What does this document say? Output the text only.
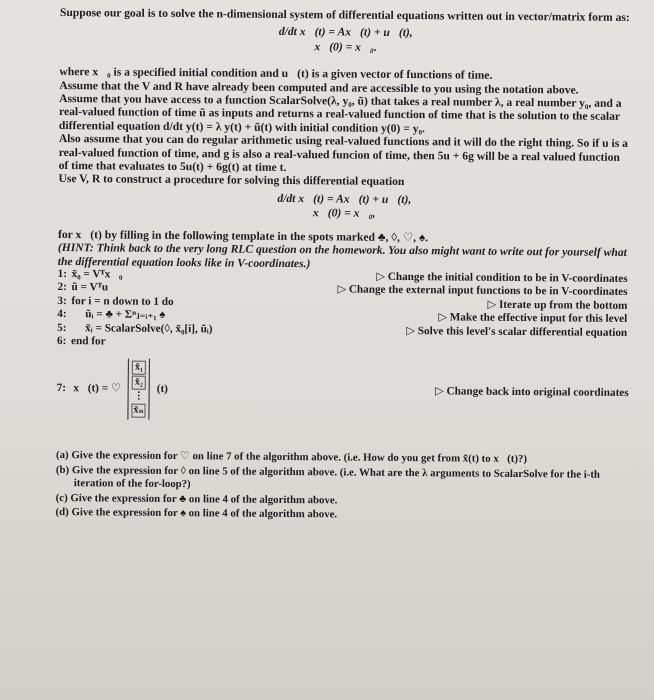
Suppose our goal is to solve the n-dimensional system of differential equations written out in vector/matrix form as:

d/dt x⃗(t) = Ax⃗(t) + u⃗(t),
x⃗(0) = x⃗₀.

where x⃗₀ is a specified initial condition and u⃗(t) is a given vector of functions of time.

Assume that the V and R have already been computed and are accessible to you using the notation above.

Assume that you have access to a function ScalarSolve(λ, y₀, ũ) that takes a real number λ, a real number y₀, and a real-valued function of time ũ as inputs and returns a real-valued function of time that is the solution to the scalar differential equation d/dt y(t) = λ y(t) + ũ(t) with initial condition y(0) = y₀.

Also assume that you can do regular arithmetic using real-valued functions and it will do the right thing. So if u is a real-valued function of time, and g is also a real-valued funcion of time, then 5u + 6g will be a real valued function of time that evaluates to 5u(t) + 6g(t) at time t.

Use V, R to construct a procedure for solving this differential equation

d/dt x⃗(t) = Ax⃗(t) + u⃗(t),
x⃗(0) = x⃗₀,

for x⃗(t) by filling in the following template in the spots marked ♣, ◊, ♡, ♠.

(HINT: Think back to the very long RLC question on the homework. You also might want to write out for yourself what the differential equation looks like in V-coordinates.)

1: x̃₀ = Vᵀx⃗₀	▷ Change the initial condition to be in V-coordinates
2: ũ = Vᵀu⃗	▷ Change the external input functions to be in V-coordinates
3: for i = n down to 1 do	▷ Iterate up from the bottom
4: ũᵢ = ♣ + Σⁿⱼ₌ᵢ₊₁ ♠	▷ Make the effective input for this level
5: x̃ᵢ = ScalarSolve(◊, x̃₀[i], ũᵢ)	▷ Solve this level's scalar differential equation
6: end for
7: x⃗(t) = ♡
x̃₁
x̃₂
⋮
x̃ₙ
(t)	▷ Change back into original coordinates
(a) Give the expression for ♡ on line 7 of the algorithm above. (i.e. How do you get from x̃(t) to x⃗(t)?)
(b) Give the expression for ◊ on line 5 of the algorithm above. (i.e. What are the λ arguments to ScalarSolve for the i-th iteration of the for-loop?)
(c) Give the expression for ♣ on line 4 of the algorithm above.
(d) Give the expression for ♠ on line 4 of the algorithm above.
